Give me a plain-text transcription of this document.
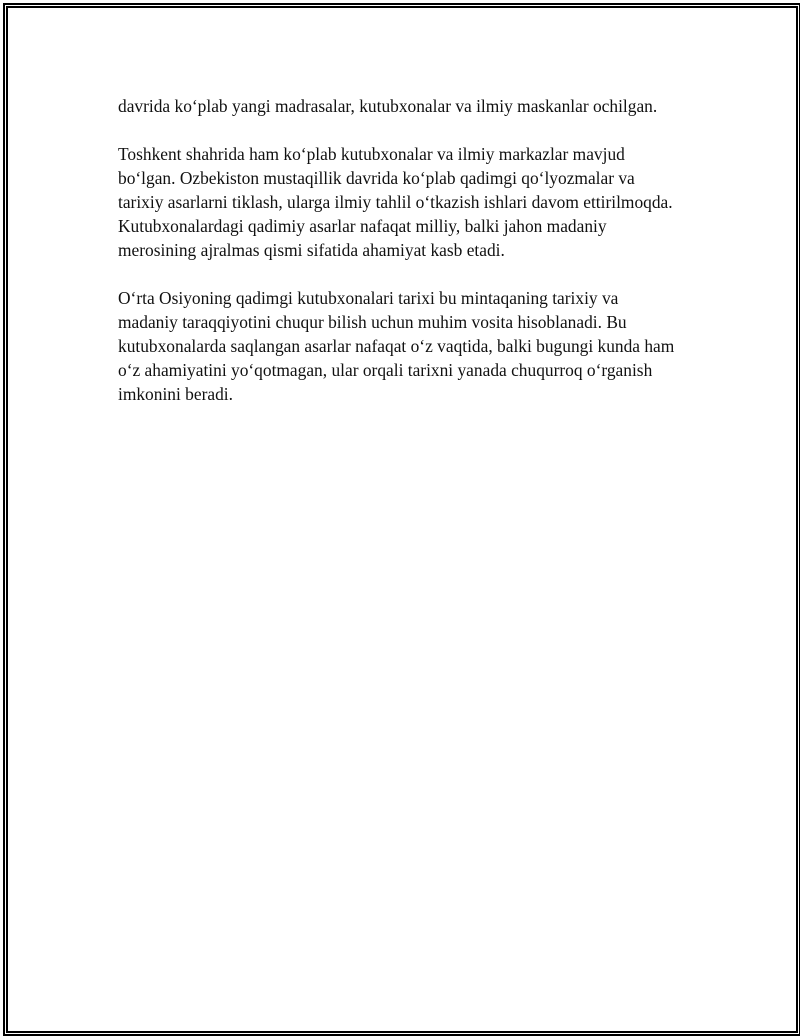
davrida ko‘plab yangi madrasalar, kutubxonalar va ilmiy maskanlar ochilgan.

Toshkent shahrida ham ko‘plab kutubxonalar va ilmiy markazlar mavjud bo‘lgan. Ozbekiston mustaqillik davrida ko‘plab qadimgi qo‘lyozmalar va tarixiy asarlarni tiklash, ularga ilmiy tahlil o‘tkazish ishlari davom ettirilmoqda. Kutubxonalardagi qadimiy asarlar nafaqat milliy, balki jahon madaniy merosining ajralmas qismi sifatida ahamiyat kasb etadi.

O‘rta Osiyoning qadimgi kutubxonalari tarixi bu mintaqaning tarixiy va madaniy taraqqiyotini chuqur bilish uchun muhim vosita hisoblanadi. Bu kutubxonalarda saqlangan asarlar nafaqat o‘z vaqtida, balki bugungi kunda ham o‘z ahamiyatini yo‘qotmagan, ular orqali tarixni yanada chuqurroq o‘rganish imkonini beradi.
